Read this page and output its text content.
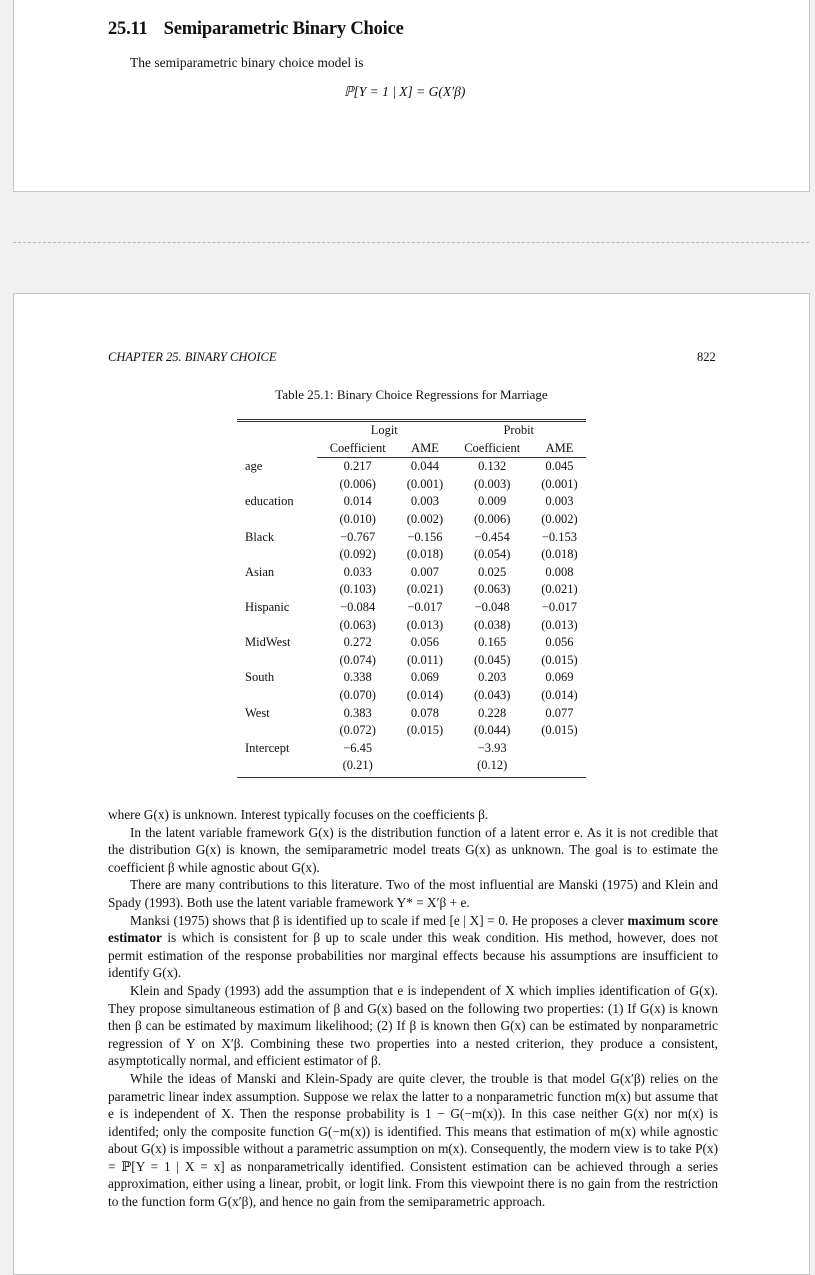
25.11 Semiparametric Binary Choice
The semiparametric binary choice model is
ℙ[Y = 1 | X] = G(X′β)
CHAPTER 25. BINARY CHOICE	822
Table 25.1: Binary Choice Regressions for Marriage
	Logit		Probit	
	Coefficient	AME	Coefficient	AME
age	0.217	0.044	0.132	0.045
	(0.006)	(0.001)	(0.003)	(0.001)
education	0.014	0.003	0.009	0.003
	(0.010)	(0.002)	(0.006)	(0.002)
Black	−0.767	−0.156	−0.454	−0.153
	(0.092)	(0.018)	(0.054)	(0.018)
Asian	0.033	0.007	0.025	0.008
	(0.103)	(0.021)	(0.063)	(0.021)
Hispanic	−0.084	−0.017	−0.048	−0.017
	(0.063)	(0.013)	(0.038)	(0.013)
MidWest	0.272	0.056	0.165	0.056
	(0.074)	(0.011)	(0.045)	(0.015)
South	0.338	0.069	0.203	0.069
	(0.070)	(0.014)	(0.043)	(0.014)
West	0.383	0.078	0.228	0.077
	(0.072)	(0.015)	(0.044)	(0.015)
Intercept	−6.45		−3.93	
	(0.21)		(0.12)	

where G(x) is unknown. Interest typically focuses on the coefficients β.

In the latent variable framework G(x) is the distribution function of a latent error e. As it is not credible that the distribution G(x) is known, the semiparametric model treats G(x) as unknown. The goal is to estimate the coefficient β while agnostic about G(x).

There are many contributions to this literature. Two of the most influential are Manski (1975) and Klein and Spady (1993). Both use the latent variable framework Y* = X′β + e.

Manksi (1975) shows that β is identified up to scale if med [e | X] = 0. He proposes a clever maximum score estimator is which is consistent for β up to scale under this weak condition. His method, however, does not permit estimation of the response probabilities nor marginal effects because his assumptions are insufficient to identify G(x).

Klein and Spady (1993) add the assumption that e is independent of X which implies identification of G(x). They propose simultaneous estimation of β and G(x) based on the following two properties: (1) If G(x) is known then β can be estimated by maximum likelihood; (2) If β is known then G(x) can be estimated by nonparametric regression of Y on X′β. Combining these two properties into a nested criterion, they produce a consistent, asymptotically normal, and efficient estimator of β.

While the ideas of Manski and Klein-Spady are quite clever, the trouble is that model G(x′β) relies on the parametric linear index assumption. Suppose we relax the latter to a nonparametric function m(x) but assume that e is independent of X. Then the response probability is 1 − G(−m(x)). In this case neither G(x) nor m(x) is identifed; only the composite function G(−m(x)) is identified. This means that estimation of m(x) while agnostic about G(x) is impossible without a parametric assumption on m(x). Consequently, the modern view is to take P(x) = ℙ[Y = 1 | X = x] as nonparametrically identified. Consistent estimation can be achieved through a series approximation, either using a linear, probit, or logit link. From this viewpoint there is no gain from the restriction to the function form G(x′β), and hence no gain from the semiparametric approach.
